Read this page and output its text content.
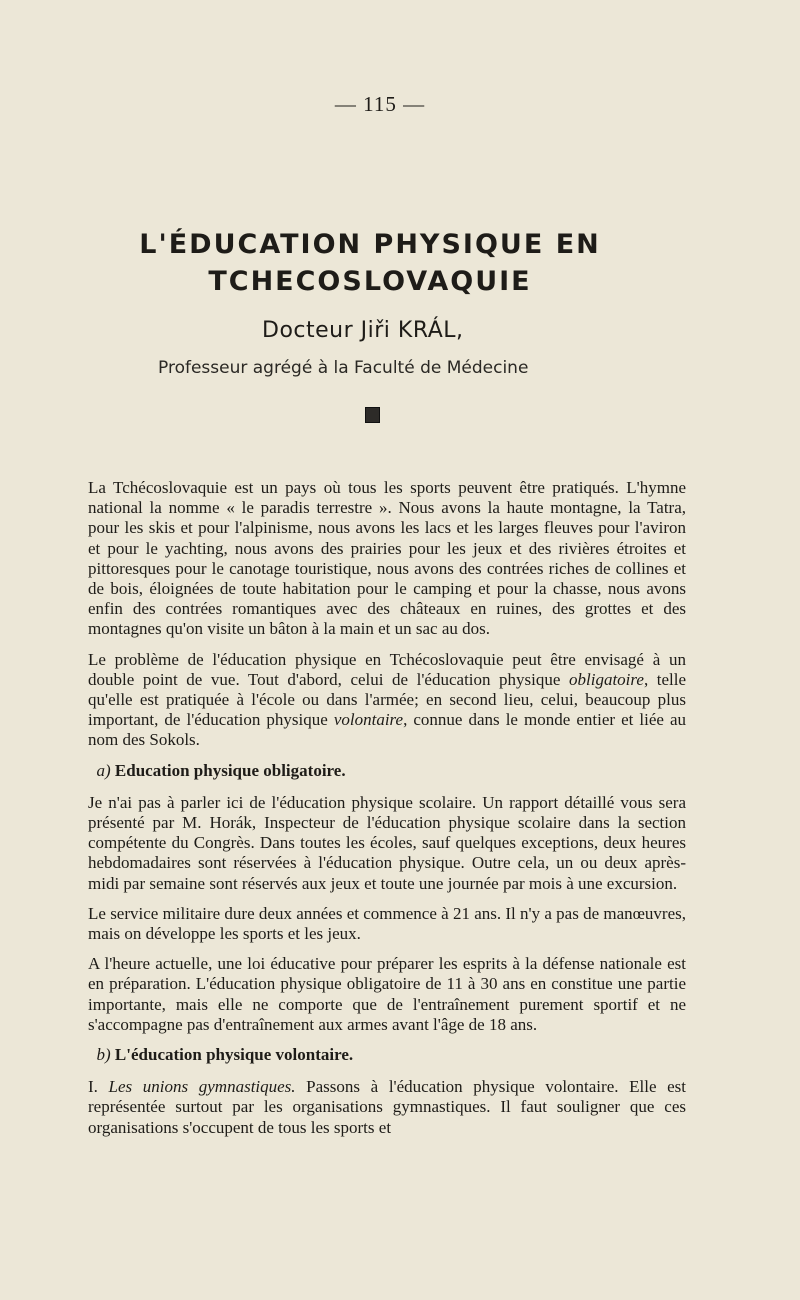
— 115 —
L'ÉDUCATION PHYSIQUE EN
TCHECOSLOVAQUIE
Docteur Jiři KRÁL,
Professeur agrégé à la Faculté de Médecine

La Tchécoslovaquie est un pays où tous les sports peuvent être pratiqués. L'hymne national la nomme « le paradis terrestre ». Nous avons la haute montagne, la Tatra, pour les skis et pour l'alpinisme, nous avons les lacs et les larges fleuves pour l'aviron et pour le yachting, nous avons des prairies pour les jeux et des rivières étroites et pittoresques pour le canotage touristique, nous avons des contrées riches de collines et de bois, éloignées de toute habitation pour le camping et pour la chasse, nous avons enfin des contrées romantiques avec des châteaux en ruines, des grottes et des montagnes qu'on visite un bâton à la main et un sac au dos.

Le problème de l'éducation physique en Tchécoslovaquie peut être envisagé à un double point de vue. Tout d'abord, celui de l'éducation physique obligatoire, telle qu'elle est pratiquée à l'école ou dans l'armée; en second lieu, celui, beaucoup plus important, de l'éducation physique volontaire, connue dans le monde entier et liée au nom des Sokols.

a) Education physique obligatoire.

Je n'ai pas à parler ici de l'éducation physique scolaire. Un rapport détaillé vous sera présenté par M. Horák, Inspecteur de l'éducation physique scolaire dans la section compétente du Congrès. Dans toutes les écoles, sauf quelques exceptions, deux heures hebdomadaires sont réservées à l'éducation physique. Outre cela, un ou deux après-midi par semaine sont réservés aux jeux et toute une journée par mois à une excursion.

Le service militaire dure deux années et commence à 21 ans. Il n'y a pas de manœuvres, mais on développe les sports et les jeux.

A l'heure actuelle, une loi éducative pour préparer les esprits à la défense nationale est en préparation. L'éducation physique obligatoire de 11 à 30 ans en constitue une partie importante, mais elle ne comporte que de l'entraînement purement sportif et ne s'accompagne pas d'entraînement aux armes avant l'âge de 18 ans.

b) L'éducation physique volontaire.

I. Les unions gymnastiques. Passons à l'éducation physique volontaire. Elle est représentée surtout par les organisations gymnastiques. Il faut souligner que ces organisations s'occupent de tous les sports et
